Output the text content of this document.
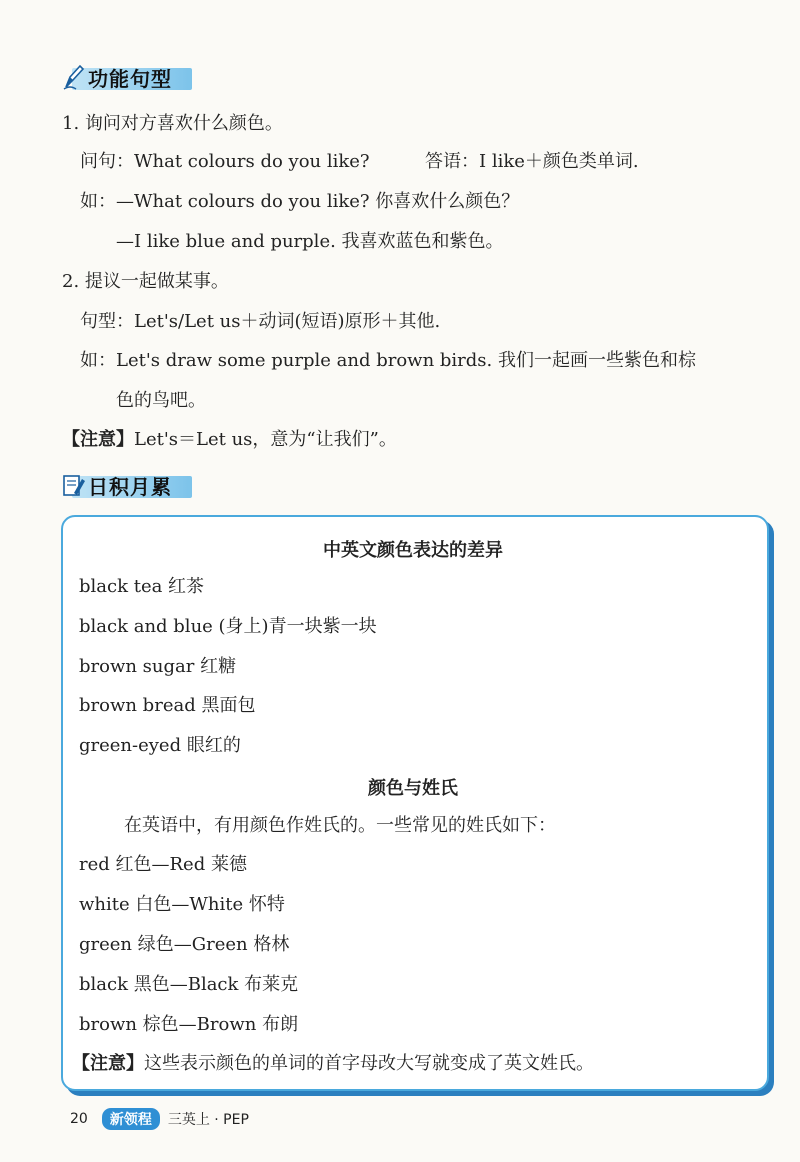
功能句型
1. 询问对方喜欢什么颜色。
问句：What colours do you like?	答语：I like＋颜色类单词.
如：—What colours do you like? 你喜欢什么颜色？
—I like blue and purple. 我喜欢蓝色和紫色。
2. 提议一起做某事。
句型：Let's/Let us＋动词(短语)原形＋其他.
如：Let's draw some purple and brown birds. 我们一起画一些紫色和棕
色的鸟吧。
【注意】Let's＝Let us，意为“让我们”。
日积月累
中英文颜色表达的差异
black tea 红茶
black and blue (身上)青一块紫一块
brown sugar 红糖
brown bread 黑面包
green-eyed 眼红的
颜色与姓氏
在英语中，有用颜色作姓氏的。一些常见的姓氏如下：
red 红色—Red 莱德
white 白色—White 怀特
green 绿色—Green 格林
black 黑色—Black 布莱克
brown 棕色—Brown 布朗
【注意】这些表示颜色的单词的首字母改大写就变成了英文姓氏。
20	新领程	三英上 · PEP
